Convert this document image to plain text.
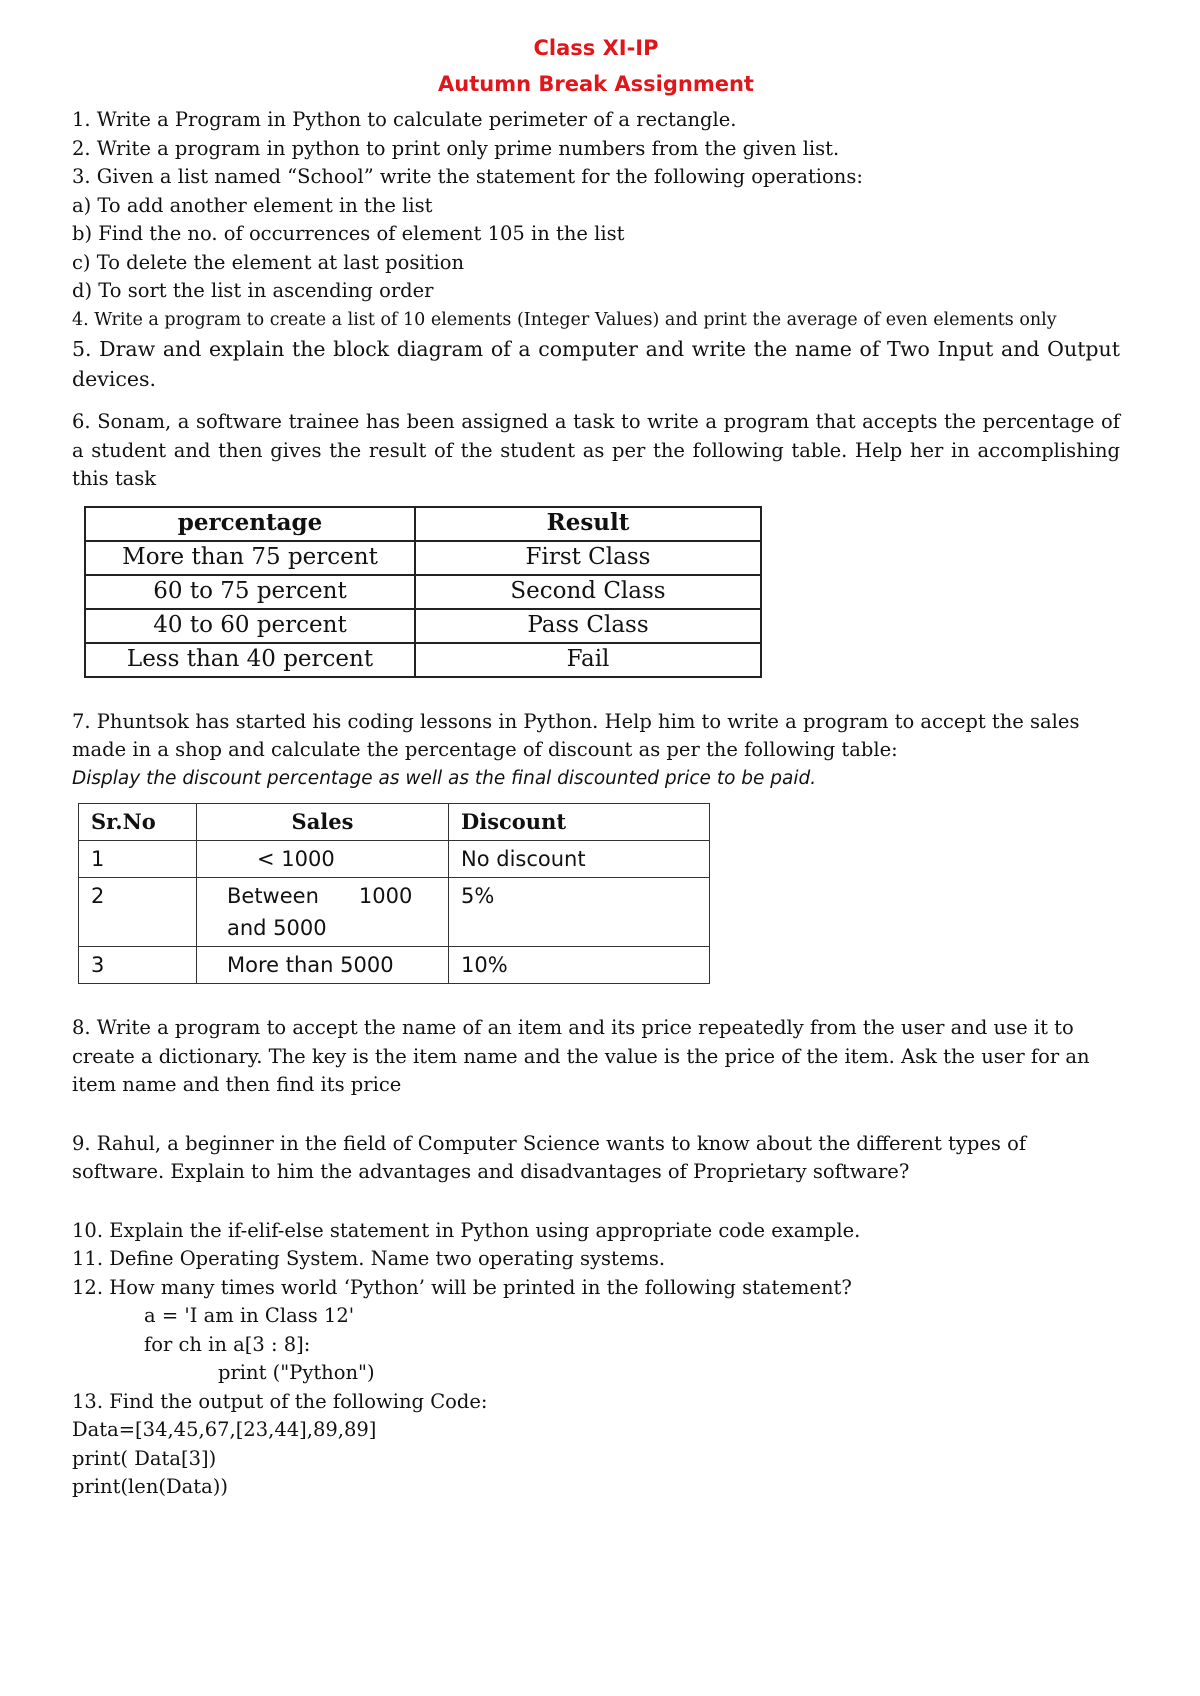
Class XI-IP
Autumn Break Assignment

1. Write a Program in Python to calculate perimeter of a rectangle.

2. Write a program in python to print only prime numbers from the given list.

3. Given a list named “School” write the statement for the following operations:

a) To add another element in the list

b) Find the no. of occurrences of element 105 in the list

c) To delete the element at last position

d) To sort the list in ascending order

4. Write a program to create a list of 10 elements (Integer Values) and print the average of even elements only

5. Draw and explain the block diagram of a computer and write the name of Two Input and Output devices.

6. Sonam, a software trainee has been assigned a task to write a program that accepts the percentage of a student and then gives the result of the student as per the following table. Help her in accomplishing this task

percentage	Result
More than 75 percent	First Class
60 to 75 percent	Second Class
40 to 60 percent	Pass Class
Less than 40 percent	Fail

7. Phuntsok has started his coding lessons in Python. Help him to write a program to accept the sales made in a shop and calculate the percentage of discount as per the following table:

Display the discount percentage as well as the final discounted price to be paid.

Sr.No	Sales	Discount
1	< 1000	No discount
2	Between      1000 and 5000	5%
3	More than 5000	10%

8. Write a program to accept the name of an item and its price repeatedly from the user and use it to create a dictionary. The key is the item name and the value is the price of the item. Ask the user for an item name and then find its price

9. Rahul, a beginner in the field of Computer Science wants to know about the different types of software. Explain to him the advantages and disadvantages of Proprietary software?

10. Explain the if-elif-else statement in Python using appropriate code example.

11. Define Operating System. Name two operating systems.

12. How many times world ‘Python’ will be printed in the following statement?

a = 'I am in Class 12'

for ch in a[3 : 8]:

print ("Python")

13. Find the output of the following Code:

Data=[34,45,67,[23,44],89,89]

print( Data[3])

print(len(Data))
